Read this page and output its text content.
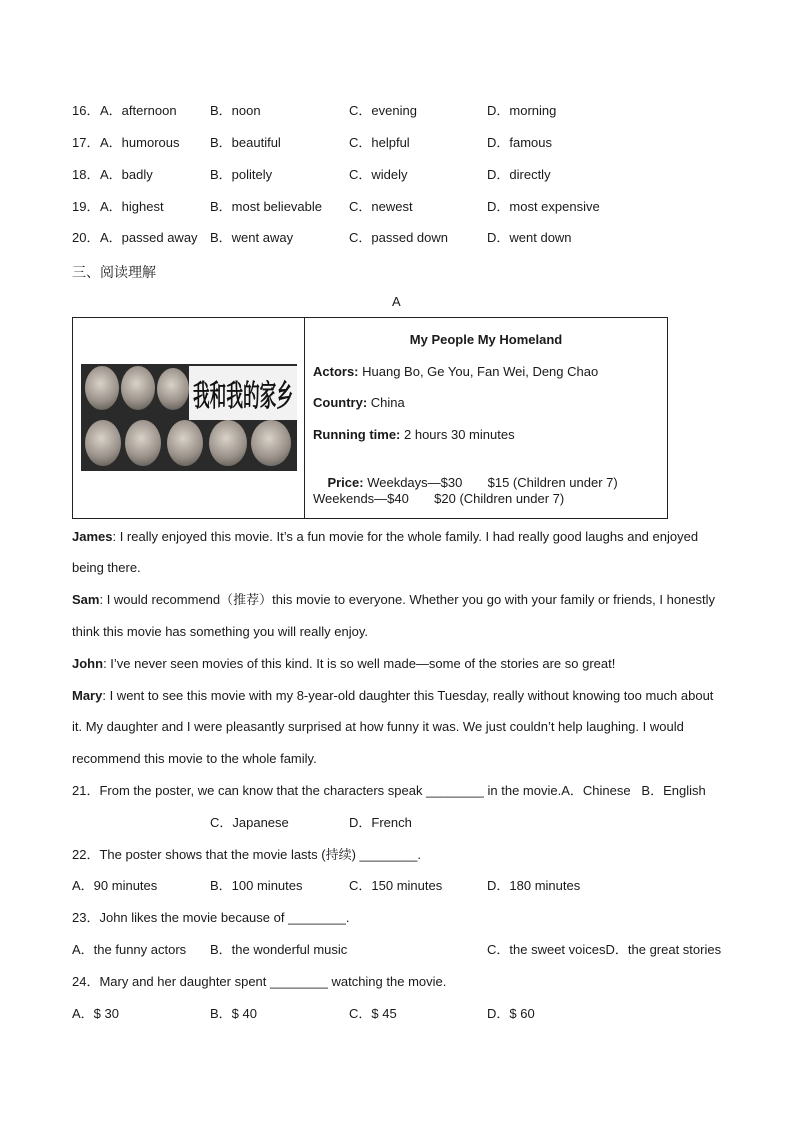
16． A．afternoon	B．noon	C．evening	D．morning
17． A．humorous B．beautiful	C．helpful	D．famous
18． A．badly	B．politely	C．widely	D．directly
19． A．highest	B．most believable C．newest	D．most expensive
20． A．passed away B．went away	C．passed down	D．went down
三、阅读理解
A
我和我的家乡
My People My Homeland
Actors: Huang Bo, Ge You, Fan Wei, Deng Chao
Country: China
Running time: 2 hours 30 minutes

Price: Weekdays—$30       $15 (Children under 7)

Weekends—$40       $20 (Children under 7)
James: I really enjoyed this movie. It’s a fun movie for the whole family. I had really good laughs and enjoyed
being there.
Sam: I would recommend（推荐）this movie to everyone. Whether you go with your family or friends, I honestly
think this movie has something you will really enjoy.
John: I’ve never seen movies of this kind. It is so well made—some of the stories are so great!
Mary: I went to see this movie with my 8-year-old daughter this Tuesday, really without knowing too much about
it. My daughter and I were pleasantly surprised at how funny it was. We just couldn’t help laughing. I would
recommend this movie to the whole family.
21．From the poster, we can know that the characters speak ________ in the movie.A．Chinese   B．English
C．Japanese	D．French
22．The poster shows that the movie lasts (持续) ________.
A．90 minutes	B．100 minutes	C．150 minutes	D．180 minutes
23．John likes the movie because of ________.
A．the funny actors B．the wonderful music	C．the sweet voicesD．the great stories
24．Mary and her daughter spent ________ watching the movie.
A．$ 30	B．$ 40	C．$ 45	D．$ 60
